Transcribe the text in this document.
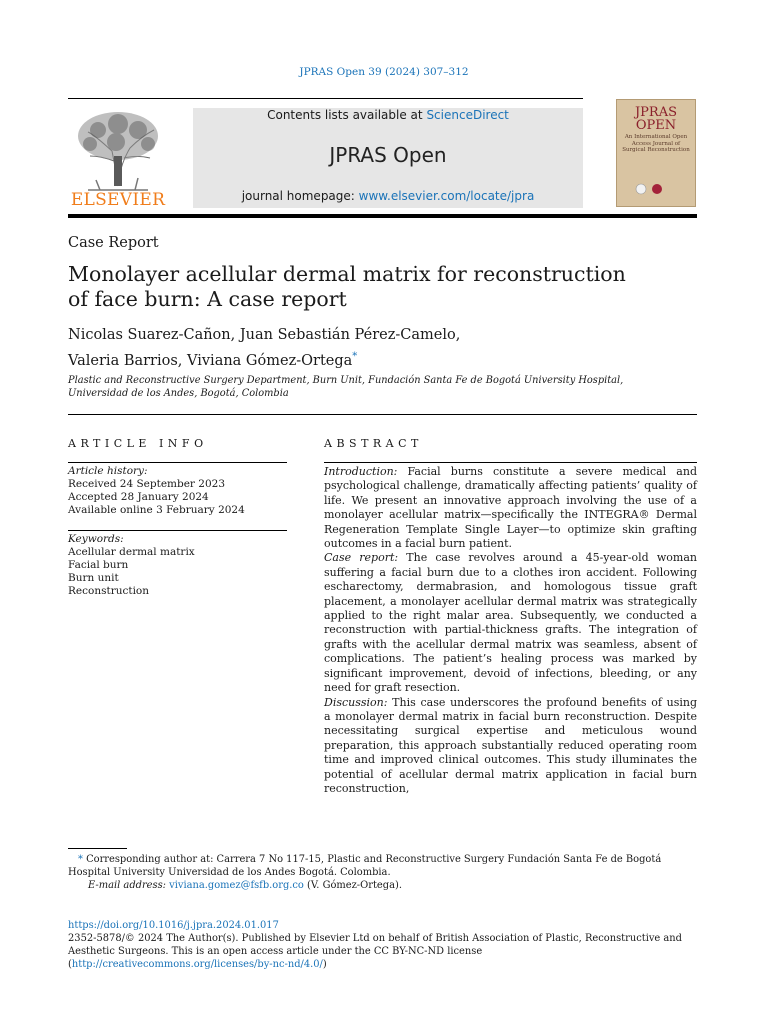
JPRAS Open 39 (2024) 307–312
ELSEVIER
Contents lists available at ScienceDirect
JPRAS Open
journal homepage: www.elsevier.com/locate/jpra
JPRAS OPEN
An International Open Access Journal of Surgical Reconstruction
Case Report
Monolayer acellular dermal matrix for reconstruction of face burn: A case report
Nicolas Suarez-Cañon, Juan Sebastián Pérez-Camelo,
Valeria Barrios, Viviana Gómez-Ortega*
Plastic and Reconstructive Surgery Department, Burn Unit, Fundación Santa Fe de Bogotá University Hospital, Universidad de los Andes, Bogotá, Colombia
ARTICLE INFO	ABSTRACT
Article history:
Received 24 September 2023
Accepted 28 January 2024
Available online 3 February 2024
Keywords:
Acellular dermal matrix
Facial burn
Burn unit
Reconstruction

Introduction: Facial burns constitute a severe medical and psychological challenge, dramatically affecting patients’ quality of life. We present an innovative approach involving the use of a monolayer acellular matrix—specifically the INTEGRA® Dermal Regeneration Template Single Layer—to optimize skin grafting outcomes in a facial burn patient.

Case report: The case revolves around a 45-year-old woman suffering a facial burn due to a clothes iron accident. Following escharectomy, dermabrasion, and homologous tissue graft placement, a monolayer acellular dermal matrix was strategically applied to the right malar area. Subsequently, we conducted a reconstruction with partial-thickness grafts. The integration of grafts with the acellular dermal matrix was seamless, absent of complications. The patient’s healing process was marked by significant improvement, devoid of infections, bleeding, or any need for graft resection.

Discussion: This case underscores the profound benefits of using a monolayer dermal matrix in facial burn reconstruction. Despite necessitating surgical expertise and meticulous wound preparation, this approach substantially reduced operating room time and improved clinical outcomes. This study illuminates the potential of acellular dermal matrix application in facial burn reconstruction,

* Corresponding author at: Carrera 7 No 117-15, Plastic and Reconstructive Surgery Fundación Santa Fe de Bogotá Hospital University Universidad de los Andes Bogotá. Colombia.
E-mail address: viviana.gomez@fsfb.org.co (V. Gómez-Ortega).
https://doi.org/10.1016/j.jpra.2024.01.017
2352-5878/© 2024 The Author(s). Published by Elsevier Ltd on behalf of British Association of Plastic, Reconstructive and Aesthetic Surgeons. This is an open access article under the CC BY-NC-ND license
(http://creativecommons.org/licenses/by-nc-nd/4.0/)
